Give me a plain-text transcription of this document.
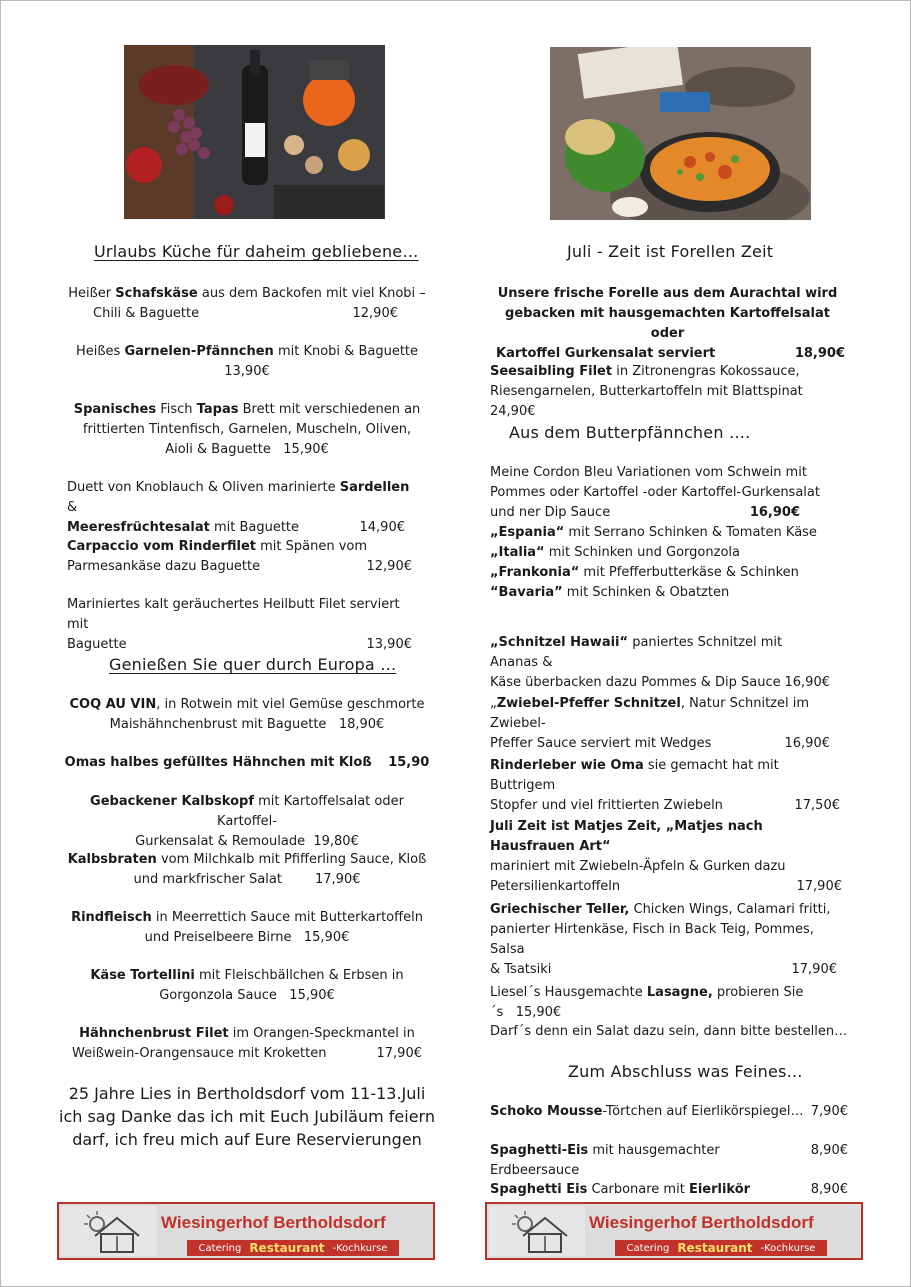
Urlaubs Küche für daheim gebliebene…
Heißer Schafskäse aus dem Backofen mit viel Knobi –
Chili & Baguette	12,90€
Heißes Garnelen-Pfännchen mit Knobi & Baguette
13,90€
Spanisches Fisch Tapas Brett mit verschiedenen an
frittierten Tintenfisch, Garnelen, Muscheln, Oliven,
Aioli & Baguette 15,90€
Duett von Knoblauch & Oliven marinierte Sardellen &
Meeresfrüchtesalat mit Baguette	14,90€
Carpaccio vom Rinderfilet mit Spänen vom
Parmesankäse dazu Baguette	12,90€
Mariniertes kalt geräuchertes Heilbutt Filet serviert mit
Baguette	13,90€
Genießen Sie quer durch Europa …
COQ AU VIN, in Rotwein mit viel Gemüse geschmorte
Maishähnchenbrust mit Baguette 18,90€
Omas halbes gefülltes Hähnchen mit Kloß 15,90
Gebackener Kalbskopf mit Kartoffelsalat oder Kartoffel-
Gurkensalat & Remoulade 19,80€
Kalbsbraten vom Milchkalb mit Pfifferling Sauce, Kloß
und markfrischer Salat	17,90€
Rindfleisch in Meerrettich Sauce mit Butterkartoffeln
und Preiselbeere Birne 15,90€
Käse Tortellini mit Fleischbällchen & Erbsen in
Gorgonzola Sauce 15,90€
Hähnchenbrust Filet im Orangen-Speckmantel in
Weißwein-Orangensauce mit Kroketten	17,90€
25 Jahre Lies in Bertholdsdorf vom 11-13.Juli
ich sag Danke das ich mit Euch Jubiläum feiern
darf, ich freu mich auf Eure Reservierungen
Juli - Zeit ist Forellen Zeit
Unsere frische Forelle aus dem Aurachtal wird
gebacken mit hausgemachten Kartoffelsalat oder
Kartoffel Gurkensalat serviert	18,90€
Seesaibling Filet in Zitronengras Kokossauce,
Riesengarnelen, Butterkartoffeln mit Blattspinat 24,90€
Aus dem Butterpfännchen ….
Meine Cordon Bleu Variationen vom Schwein mit
Pommes oder Kartoffel -oder Kartoffel-Gurkensalat
und ner Dip Sauce	16,90€
„Espania“ mit Serrano Schinken & Tomaten Käse
„Italia“ mit Schinken und Gorgonzola
„Frankonia“ mit Pfefferbutterkäse & Schinken
“Bavaria” mit Schinken & Obatzten
„Schnitzel Hawaii“ paniertes Schnitzel mit Ananas &
Käse überbacken dazu Pommes & Dip Sauce 16,90€
„Zwiebel-Pfeffer Schnitzel, Natur Schnitzel im Zwiebel-
Pfeffer Sauce serviert mit Wedges	16,90€
Rinderleber wie Oma sie gemacht hat mit Buttrigem
Stopfer und viel frittierten Zwiebeln	17,50€
Juli Zeit ist Matjes Zeit, „Matjes nach Hausfrauen Art“
mariniert mit Zwiebeln-Äpfeln & Gurken dazu
Petersilienkartoffeln	17,90€
Griechischer Teller, Chicken Wings, Calamari fritti,
panierter Hirtenkäse, Fisch in Back Teig, Pommes, Salsa
& Tsatsiki	17,90€
Liesel´s Hausgemachte Lasagne, probieren Sie´s 15,90€
Darf´s denn ein Salat dazu sein, dann bitte bestellen…
Zum Abschluss was Feines…
Schoko Mousse-Törtchen auf Eierlikörspiegel… 7,90€
Spaghetti-Eis mit hausgemachter Erdbeersauce
8,90€
Spaghetti Eis Carbonare mit Eierlikör	8,90€
Wiesingerhof Bertholdsdorf
Catering Restaurant -Kochkurse
Wiesingerhof Bertholdsdorf
Catering Restaurant -Kochkurse
